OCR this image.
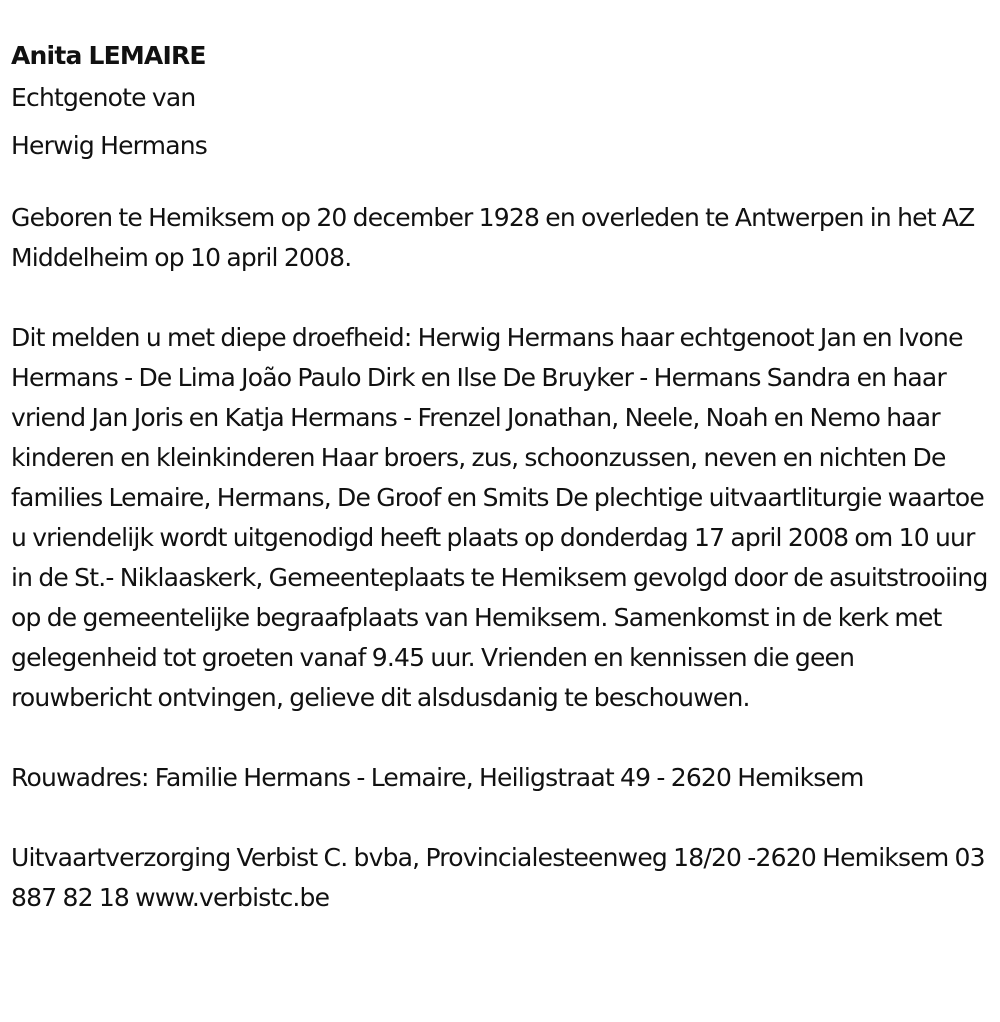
Anita LEMAIRE

Echtgenote van

Herwig Hermans

Geboren te Hemiksem op 20 december 1928 en overleden te Antwerpen in het AZ Middelheim op 10 april 2008.

Dit melden u met diepe droefheid: Herwig Hermans haar echtgenoot Jan en Ivone Hermans - De Lima João Paulo Dirk en Ilse De Bruyker - Hermans Sandra en haar vriend Jan Joris en Katja Hermans - Frenzel Jonathan, Neele, Noah en Nemo haar kinderen en kleinkinderen Haar broers, zus, schoonzussen, neven en nichten De families Lemaire, Hermans, De Groof en Smits De plechtige uitvaartliturgie waartoe u vriendelijk wordt uitgenodigd heeft plaats op donderdag 17 april 2008 om 10 uur in de St.- Niklaaskerk, Gemeenteplaats te Hemiksem gevolgd door de asuitstrooiing op de gemeentelijke begraafplaats van Hemiksem. Samenkomst in de kerk met gelegenheid tot groeten vanaf 9.45 uur. Vrienden en kennissen die geen rouwbericht ontvingen, gelieve dit alsdusdanig te beschouwen.

Rouwadres: Familie Hermans - Lemaire, Heiligstraat 49 - 2620 Hemiksem

Uitvaartverzorging Verbist C. bvba, Provincialesteenweg 18/20 -2620 Hemiksem 03 887 82 18 www.verbistc.be
